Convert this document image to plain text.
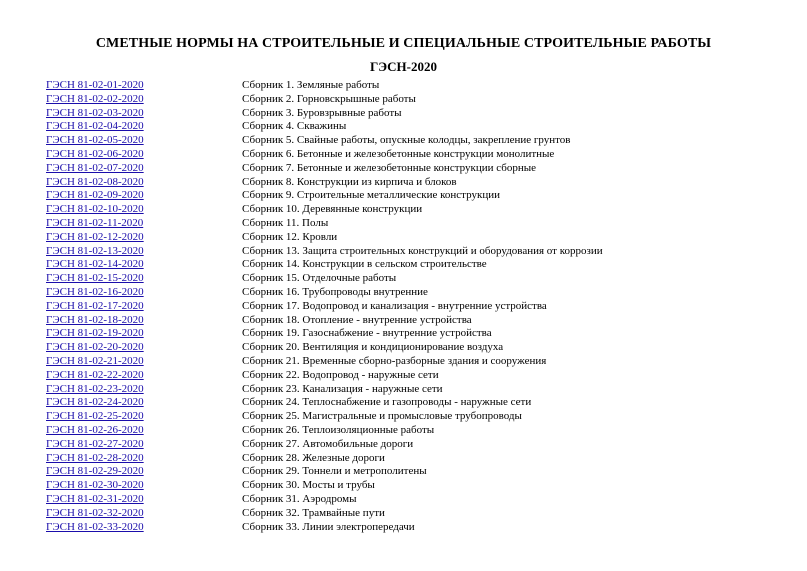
СМЕТНЫЕ НОРМЫ НА СТРОИТЕЛЬНЫЕ И СПЕЦИАЛЬНЫЕ СТРОИТЕЛЬНЫЕ РАБОТЫ
ГЭСН-2020
ГЭСН 81-02-01-2020	Сборник 1. Земляные работы
ГЭСН 81-02-02-2020	Сборник 2. Горновскрышные работы
ГЭСН 81-02-03-2020	Сборник 3. Буровзрывные работы
ГЭСН 81-02-04-2020	Сборник 4. Скважины
ГЭСН 81-02-05-2020	Сборник 5. Свайные работы, опускные колодцы, закрепление грунтов
ГЭСН 81-02-06-2020	Сборник 6. Бетонные и железобетонные конструкции монолитные
ГЭСН 81-02-07-2020	Сборник 7. Бетонные и железобетонные конструкции сборные
ГЭСН 81-02-08-2020	Сборник 8. Конструкции из кирпича и блоков
ГЭСН 81-02-09-2020	Сборник 9. Строительные металлические конструкции
ГЭСН 81-02-10-2020	Сборник 10. Деревянные конструкции
ГЭСН 81-02-11-2020	Сборник 11. Полы
ГЭСН 81-02-12-2020	Сборник 12. Кровли
ГЭСН 81-02-13-2020	Сборник 13. Защита строительных конструкций и оборудования от коррозии
ГЭСН 81-02-14-2020	Сборник 14. Конструкции в сельском строительстве
ГЭСН 81-02-15-2020	Сборник 15. Отделочные работы
ГЭСН 81-02-16-2020	Сборник 16. Трубопроводы внутренние
ГЭСН 81-02-17-2020	Сборник 17. Водопровод и канализация - внутренние устройства
ГЭСН 81-02-18-2020	Сборник 18. Отопление - внутренние устройства
ГЭСН 81-02-19-2020	Сборник 19. Газоснабжение - внутренние устройства
ГЭСН 81-02-20-2020	Сборник 20. Вентиляция и кондиционирование воздуха
ГЭСН 81-02-21-2020	Сборник 21. Временные сборно-разборные здания и сооружения
ГЭСН 81-02-22-2020	Сборник 22. Водопровод - наружные сети
ГЭСН 81-02-23-2020	Сборник 23. Канализация - наружные сети
ГЭСН 81-02-24-2020	Сборник 24. Теплоснабжение и газопроводы - наружные сети
ГЭСН 81-02-25-2020	Сборник 25. Магистральные и промысловые трубопроводы
ГЭСН 81-02-26-2020	Сборник 26. Теплоизоляционные работы
ГЭСН 81-02-27-2020	Сборник 27. Автомобильные дороги
ГЭСН 81-02-28-2020	Сборник 28. Железные дороги
ГЭСН 81-02-29-2020	Сборник 29. Тоннели и метрополитены
ГЭСН 81-02-30-2020	Сборник 30. Мосты и трубы
ГЭСН 81-02-31-2020	Сборник 31. Аэродромы
ГЭСН 81-02-32-2020	Сборник 32. Трамвайные пути
ГЭСН 81-02-33-2020	Сборник 33. Линии электропередачи
